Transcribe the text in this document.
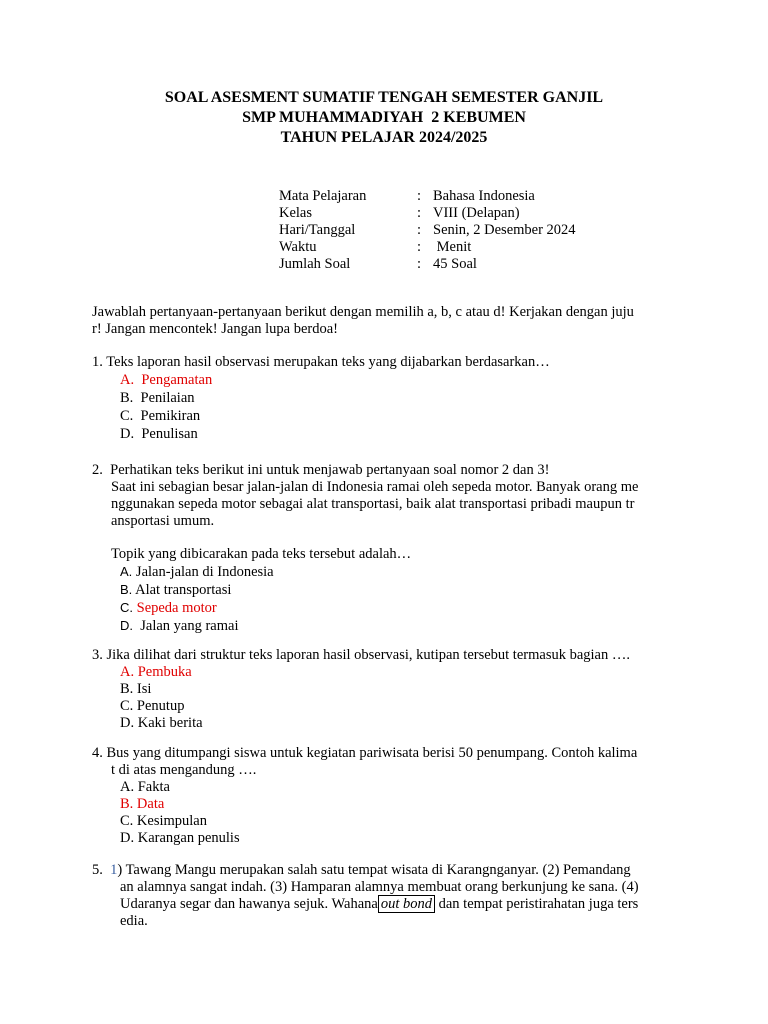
SOAL ASESMENT SUMATIF TENGAH SEMESTER GANJIL
SMP MUHAMMADIYAH  2 KEBUMEN
TAHUN PELAJAR 2024/2025
Mata Pelajaran	: Bahasa Indonesia
Kelas	: VIII (Delapan)
Hari/Tanggal	: Senin, 2 Desember 2024
Waktu	: Menit
Jumlah Soal	: 45 Soal
Jawablah pertanyaan-pertanyaan berikut dengan memilih a, b, c atau d! Kerjakan dengan juju
r! Jangan mencontek! Jangan lupa berdoa!
1. Teks laporan hasil observasi merupakan teks yang dijabarkan berdasarkan…
A.  Pengamatan
B.  Penilaian
C.  Pemikiran
D.  Penulisan
2.  Perhatikan teks berikut ini untuk menjawab pertanyaan soal nomor 2 dan 3!
Saat ini sebagian besar jalan-jalan di Indonesia ramai oleh sepeda motor. Banyak orang me
nggunakan sepeda motor sebagai alat transportasi, baik alat transportasi pribadi maupun tr
ansportasi umum.
Topik yang dibicarakan pada teks tersebut adalah…
A. Jalan-jalan di Indonesia
B. Alat transportasi
C. Sepeda motor
D.  Jalan yang ramai
3. Jika dilihat dari struktur teks laporan hasil observasi, kutipan tersebut termasuk bagian ….
A. Pembuka
B. Isi
C. Penutup
D. Kaki berita
4. Bus yang ditumpangi siswa untuk kegiatan pariwisata berisi 50 penumpang. Contoh kalima
t di atas mengandung ….
A. Fakta
B. Data
C. Kesimpulan
D. Karangan penulis
5.  1) Tawang Mangu merupakan salah satu tempat wisata di Karangnganyar. (2) Pemandang
an alamnya sangat indah. (3) Hamparan alamnya membuat orang berkunjung ke sana. (4)
Udaranya segar dan hawanya sejuk. Wahana out bond dan tempat peristirahatan juga ters
edia.
